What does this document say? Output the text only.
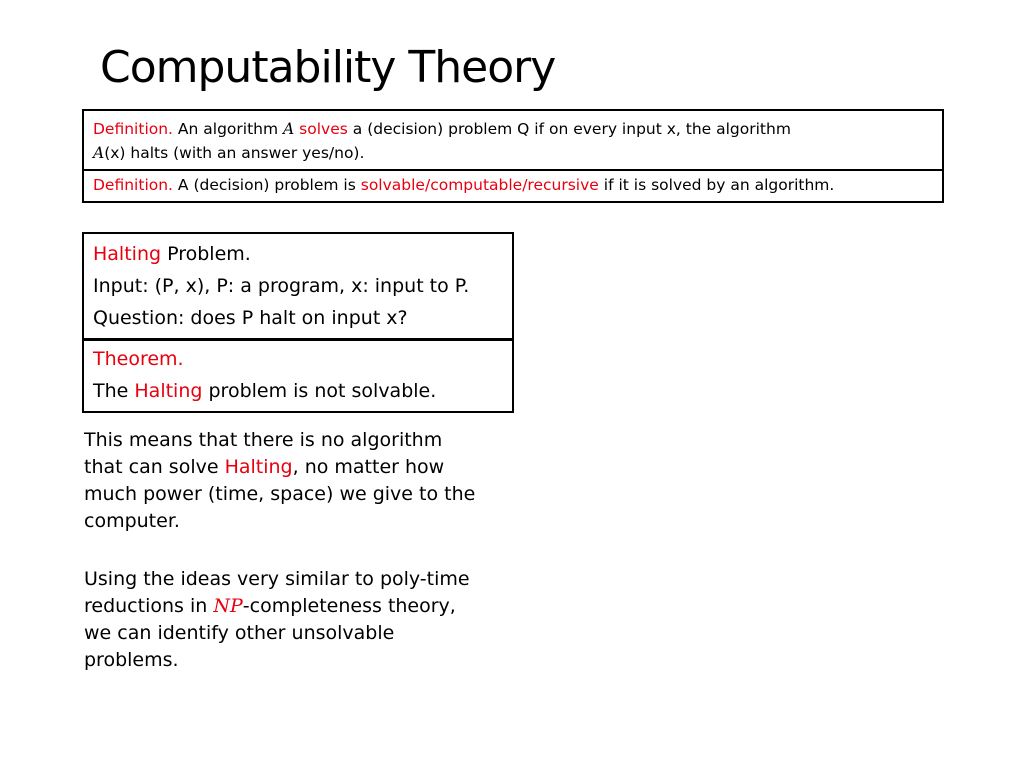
Computability Theory
Definition. An algorithm A solves a (decision) problem Q if on every input x, the algorithm
A(x) halts (with an answer yes/no).
Definition. A (decision) problem is solvable/computable/recursive if it is solved by an algorithm.
Halting Problem.
Input: (P, x), P: a program, x: input to P.
Question: does P halt on input x?
Theorem.
The Halting problem is not solvable.
This means that there is no algorithm that can solve Halting, no matter how much power (time, space) we give to the computer.
Using the ideas very similar to poly-time reductions in NP-completeness theory, we can identify other unsolvable problems.
